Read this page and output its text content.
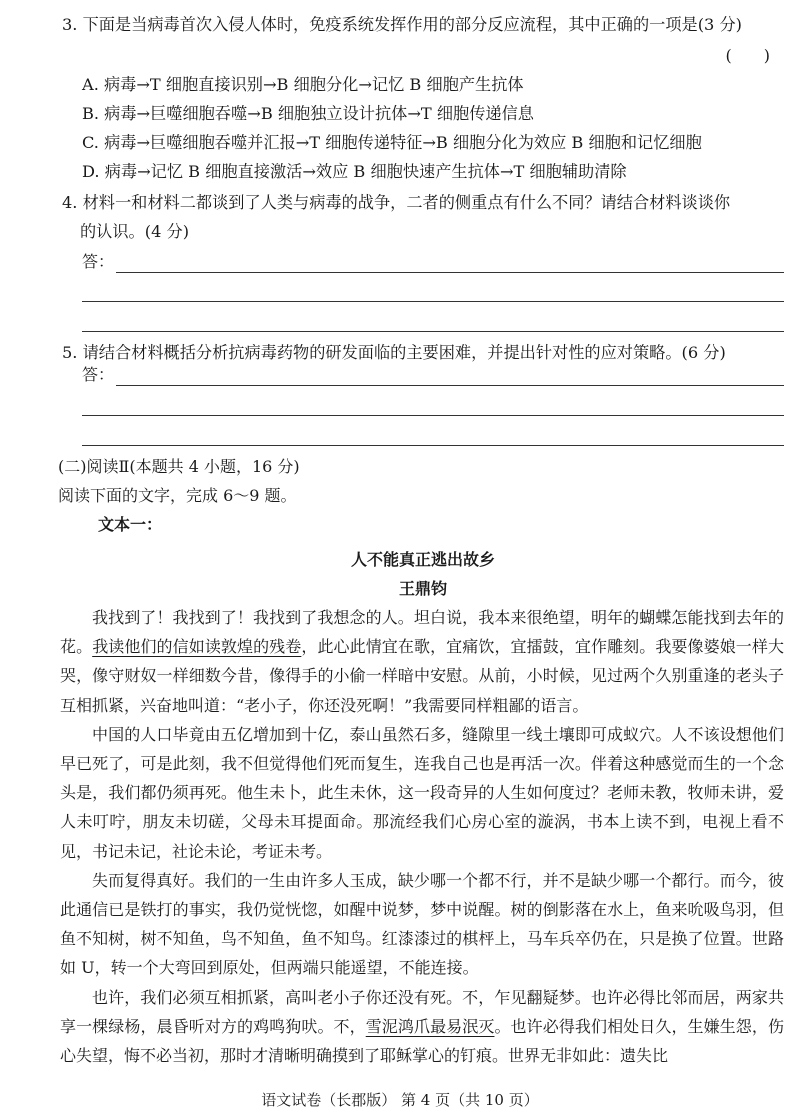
3. 下面是当病毒首次入侵人体时，免疫系统发挥作用的部分反应流程，其中正确的一项是(3 分)
(　　)
A. 病毒→T 细胞直接识别→B 细胞分化→记忆 B 细胞产生抗体
B. 病毒→巨噬细胞吞噬→B 细胞独立设计抗体→T 细胞传递信息
C. 病毒→巨噬细胞吞噬并汇报→T 细胞传递特征→B 细胞分化为效应 B 细胞和记忆细胞
D. 病毒→记忆 B 细胞直接激活→效应 B 细胞快速产生抗体→T 细胞辅助清除
4. 材料一和材料二都谈到了人类与病毒的战争，二者的侧重点有什么不同？请结合材料谈谈你
的认识。(4 分)
答：
5. 请结合材料概括分析抗病毒药物的研发面临的主要困难，并提出针对性的应对策略。(6 分)
答：
(二)阅读Ⅱ(本题共 4 小题，16 分)
阅读下面的文字，完成 6～9 题。
文本一：
人不能真正逃出故乡
王鼎钧
我找到了！我找到了！我找到了我想念的人。坦白说，我本来很绝望，明年的蝴蝶怎能找到去年的花。我读他们的信如读敦煌的残卷，此心此情宜在歌，宜痛饮，宜擂鼓，宜作雕刻。我要像婆娘一样大哭，像守财奴一样细数今昔，像得手的小偷一样暗中安慰。从前，小时候，见过两个久别重逢的老头子互相抓紧，兴奋地叫道：“老小子，你还没死啊！”我需要同样粗鄙的语言。
中国的人口毕竟由五亿增加到十亿，泰山虽然石多，缝隙里一线土壤即可成蚁穴。人不该设想他们早已死了，可是此刻，我不但觉得他们死而复生，连我自己也是再活一次。伴着这种感觉而生的一个念头是，我们都仍须再死。他生未卜，此生未休，这一段奇异的人生如何度过？老师未教，牧师未讲，爱人未叮咛，朋友未切磋，父母未耳提面命。那流经我们心房心室的漩涡，书本上读不到，电视上看不见，书记未记，社论未论，考证未考。
失而复得真好。我们的一生由许多人玉成，缺少哪一个都不行，并不是缺少哪一个都行。而今，彼此通信已是铁打的事实，我仍觉恍惚，如醒中说梦，梦中说醒。树的倒影落在水上，鱼来吮吸鸟羽，但鱼不知树，树不知鱼，鸟不知鱼，鱼不知鸟。红漆漆过的棋枰上，马车兵卒仍在，只是换了位置。世路如 U，转一个大弯回到原处，但两端只能遥望，不能连接。
也许，我们必须互相抓紧，高叫老小子你还没有死。不，乍见翻疑梦。也许必得比邻而居，两家共享一棵绿杨，晨昏听对方的鸡鸣狗吠。不，雪泥鸿爪最易泯灭。也许必得我们相处日久，生嫌生怨，伤心失望，悔不必当初，那时才清晰明确摸到了耶稣掌心的钉痕。世界无非如此：遗失比
语文试卷（长郡版） 第 4 页（共 10 页）
